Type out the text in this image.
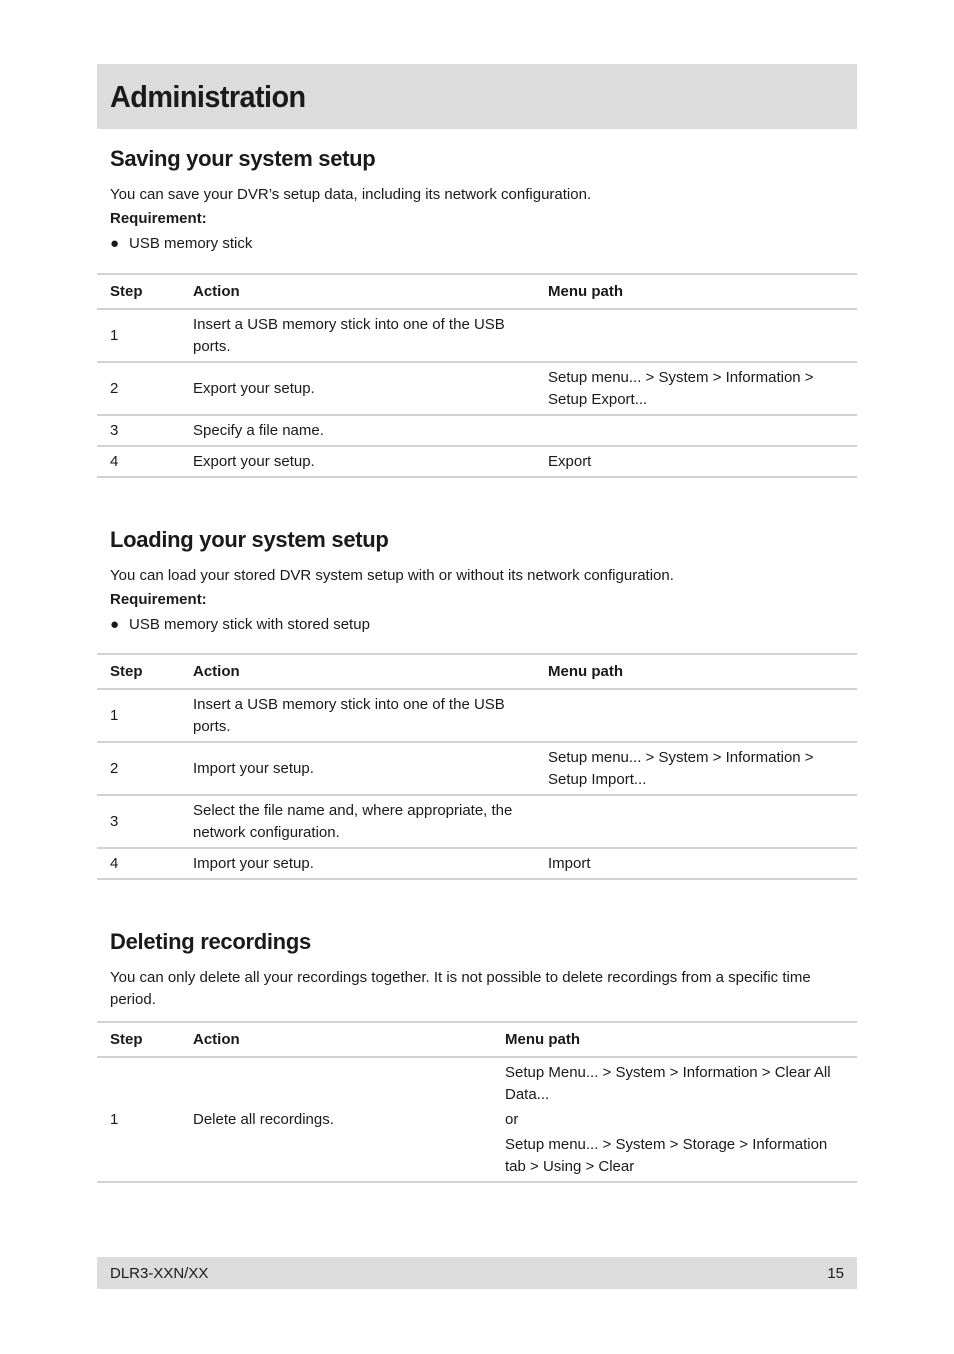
Administration
Saving your system setup

You can save your DVR’s setup data, including its network configuration.

Requirement:

● USB memory stick

Step	Action	Menu path
1	Insert a USB memory stick into one of the USB ports.	
2	Export your setup.	Setup menu... > System > Information > Setup Export...
3	Specify a file name.	
4	Export your setup.	Export
Loading your system setup

You can load your stored DVR system setup with or without its network configuration.

Requirement:

● USB memory stick with stored setup

Step	Action	Menu path
1	Insert a USB memory stick into one of the USB ports.	
2	Import your setup.	Setup menu... > System > Information > Setup Import...
3	Select the file name and, where appropriate, the network configuration.	
4	Import your setup.	Import
Deleting recordings

You can only delete all your recordings together. It is not possible to delete recordings from a specific time period.

Step	Action	Menu path
1	Delete all recordings.	Setup Menu... > System > Information > Clear All Data...
or
Setup menu... > System > Storage > Information tab > Using > Clear
DLR3-XXN/XX	15
